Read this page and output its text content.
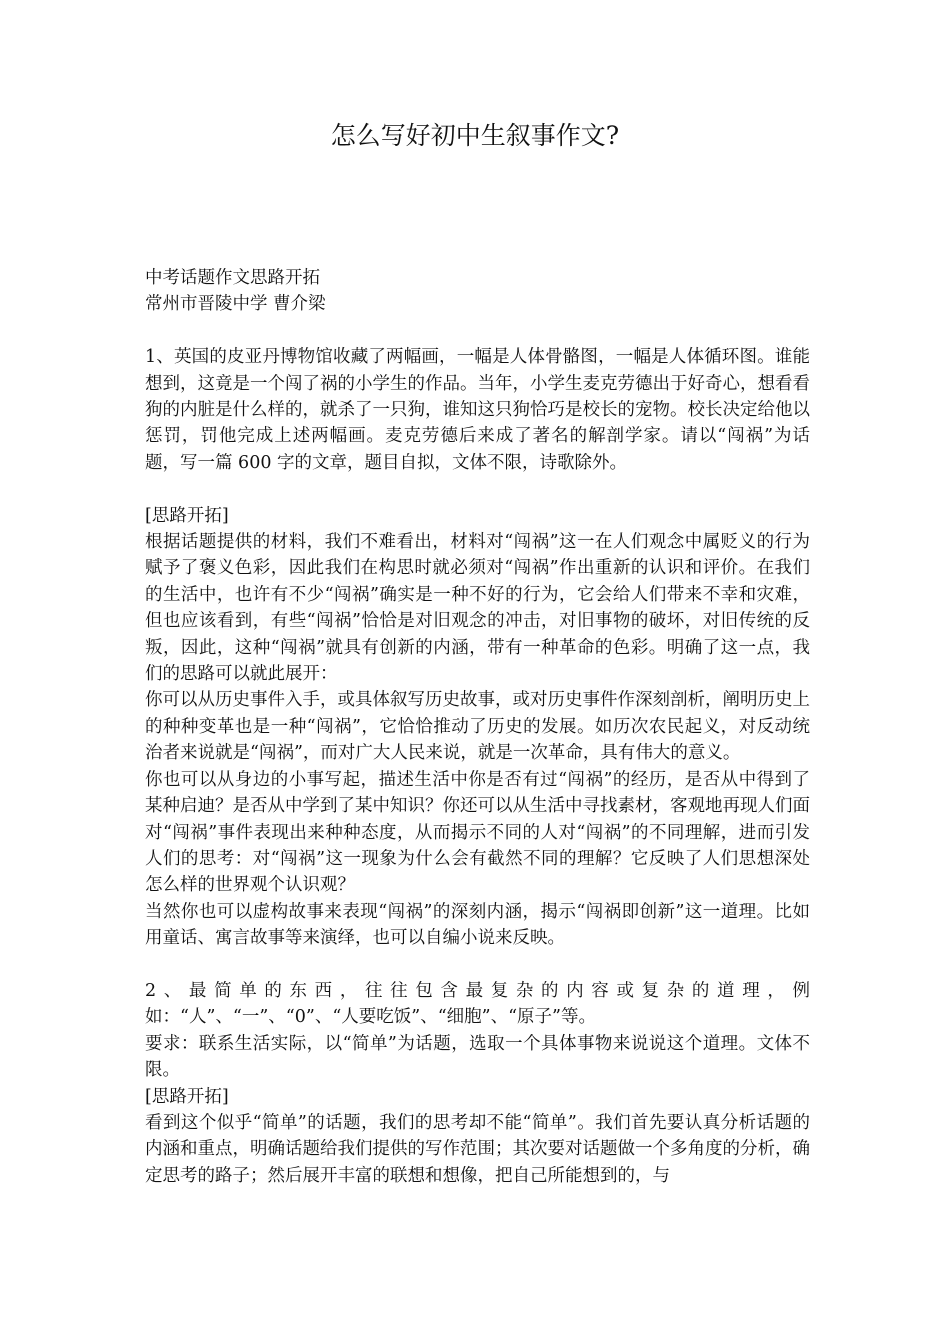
怎么写好初中生叙事作文?

中考话题作文思路开拓

常州市晋陵中学 曹介梁

1、英国的皮亚丹博物馆收藏了两幅画，一幅是人体骨骼图，一幅是人体循环图。谁能想到，这竟是一个闯了祸的小学生的作品。当年，小学生麦克劳德出于好奇心，想看看狗的内脏是什么样的，就杀了一只狗，谁知这只狗恰巧是校长的宠物。校长决定给他以惩罚，罚他完成上述两幅画。麦克劳德后来成了著名的解剖学家。请以“闯祸”为话题，写一篇 600 字的文章，题目自拟，文体不限，诗歌除外。

[思路开拓]

根据话题提供的材料，我们不难看出，材料对“闯祸”这一在人们观念中属贬义的行为赋予了褒义色彩，因此我们在构思时就必须对“闯祸”作出重新的认识和评价。在我们的生活中，也许有不少“闯祸”确实是一种不好的行为，它会给人们带来不幸和灾难，但也应该看到，有些“闯祸”恰恰是对旧观念的冲击，对旧事物的破坏，对旧传统的反叛，因此，这种“闯祸”就具有创新的内涵，带有一种革命的色彩。明确了这一点，我们的思路可以就此展开：

你可以从历史事件入手，或具体叙写历史故事，或对历史事件作深刻剖析，阐明历史上的种种变革也是一种“闯祸”，它恰恰推动了历史的发展。如历次农民起义，对反动统治者来说就是“闯祸”，而对广大人民来说，就是一次革命，具有伟大的意义。

你也可以从身边的小事写起，描述生活中你是否有过“闯祸”的经历，是否从中得到了某种启迪？是否从中学到了某中知识？你还可以从生活中寻找素材，客观地再现人们面对“闯祸”事件表现出来种种态度，从而揭示不同的人对“闯祸”的不同理解，进而引发人们的思考：对“闯祸”这一现象为什么会有截然不同的理解？它反映了人们思想深处怎么样的世界观个认识观？

当然你也可以虚构故事来表现“闯祸”的深刻内涵，揭示“闯祸即创新”这一道理。比如用童话、寓言故事等来演绎，也可以自编小说来反映。

2、最简单的东西，往往包含最复杂的内容或复杂的道理，例如：“人”、“一”、“0”、“人要吃饭”、“细胞”、“原子”等。

要求：联系生活实际，以“简单”为话题，选取一个具体事物来说说这个道理。文体不限。

[思路开拓]

看到这个似乎“简单”的话题，我们的思考却不能“简单”。我们首先要认真分析话题的内涵和重点，明确话题给我们提供的写作范围；其次要对话题做一个多角度的分析，确定思考的路子；然后展开丰富的联想和想像，把自己所能想到的，与
